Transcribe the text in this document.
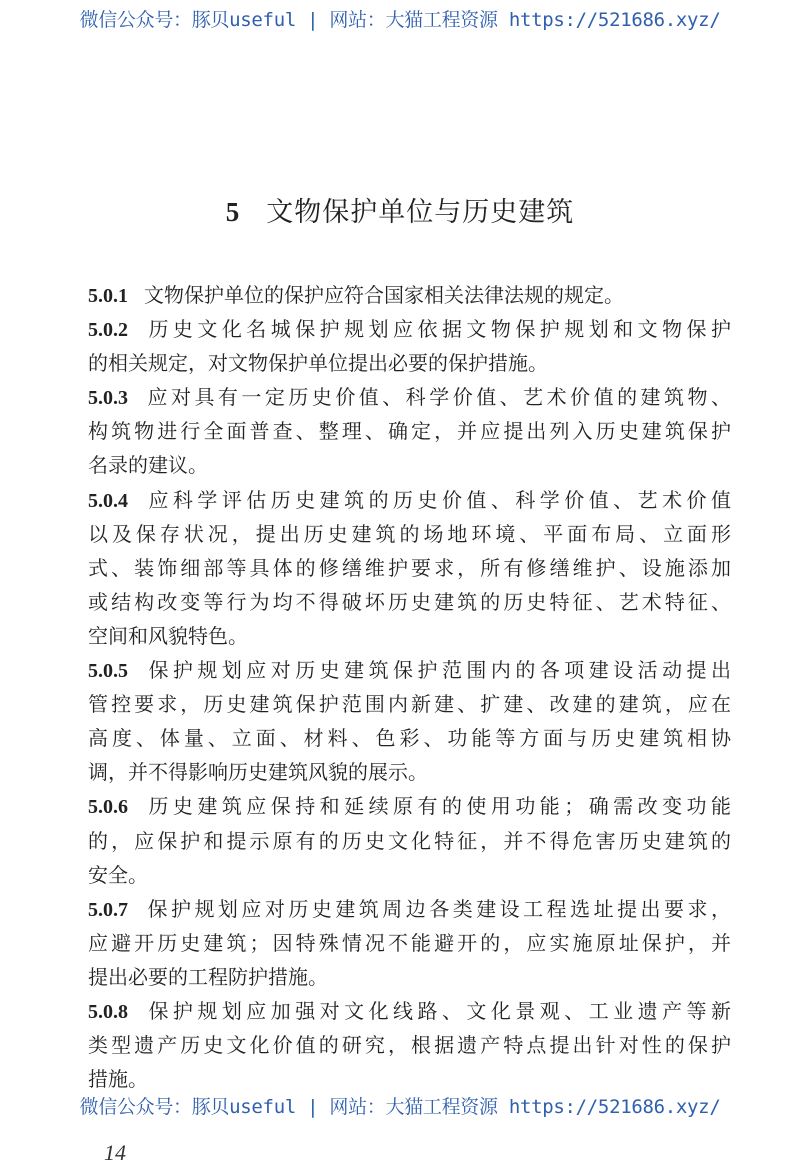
微信公众号：豚贝useful | 网站：大猫工程资源 https://521686.xyz/
5 文物保护单位与历史建筑
5.0.1 文物保护单位的保护应符合国家相关法律法规的规定。
5.0.2 历史文化名城保护规划应依据文物保护规划和文物保护
的相关规定，对文物保护单位提出必要的保护措施。
5.0.3 应对具有一定历史价值、科学价值、艺术价值的建筑物、
构筑物进行全面普查、整理、确定，并应提出列入历史建筑保护
名录的建议。
5.0.4 应科学评估历史建筑的历史价值、科学价值、艺术价值
以及保存状况，提出历史建筑的场地环境、平面布局、立面形
式、装饰细部等具体的修缮维护要求，所有修缮维护、设施添加
或结构改变等行为均不得破坏历史建筑的历史特征、艺术特征、
空间和风貌特色。
5.0.5 保护规划应对历史建筑保护范围内的各项建设活动提出
管控要求，历史建筑保护范围内新建、扩建、改建的建筑，应在
高度、体量、立面、材料、色彩、功能等方面与历史建筑相协
调，并不得影响历史建筑风貌的展示。
5.0.6 历史建筑应保持和延续原有的使用功能；确需改变功能
的，应保护和提示原有的历史文化特征，并不得危害历史建筑的
安全。
5.0.7 保护规划应对历史建筑周边各类建设工程选址提出要求，
应避开历史建筑；因特殊情况不能避开的，应实施原址保护，并
提出必要的工程防护措施。
5.0.8 保护规划应加强对文化线路、文化景观、工业遗产等新
类型遗产历史文化价值的研究，根据遗产特点提出针对性的保护
措施。
微信公众号：豚贝useful | 网站：大猫工程资源 https://521686.xyz/
14
